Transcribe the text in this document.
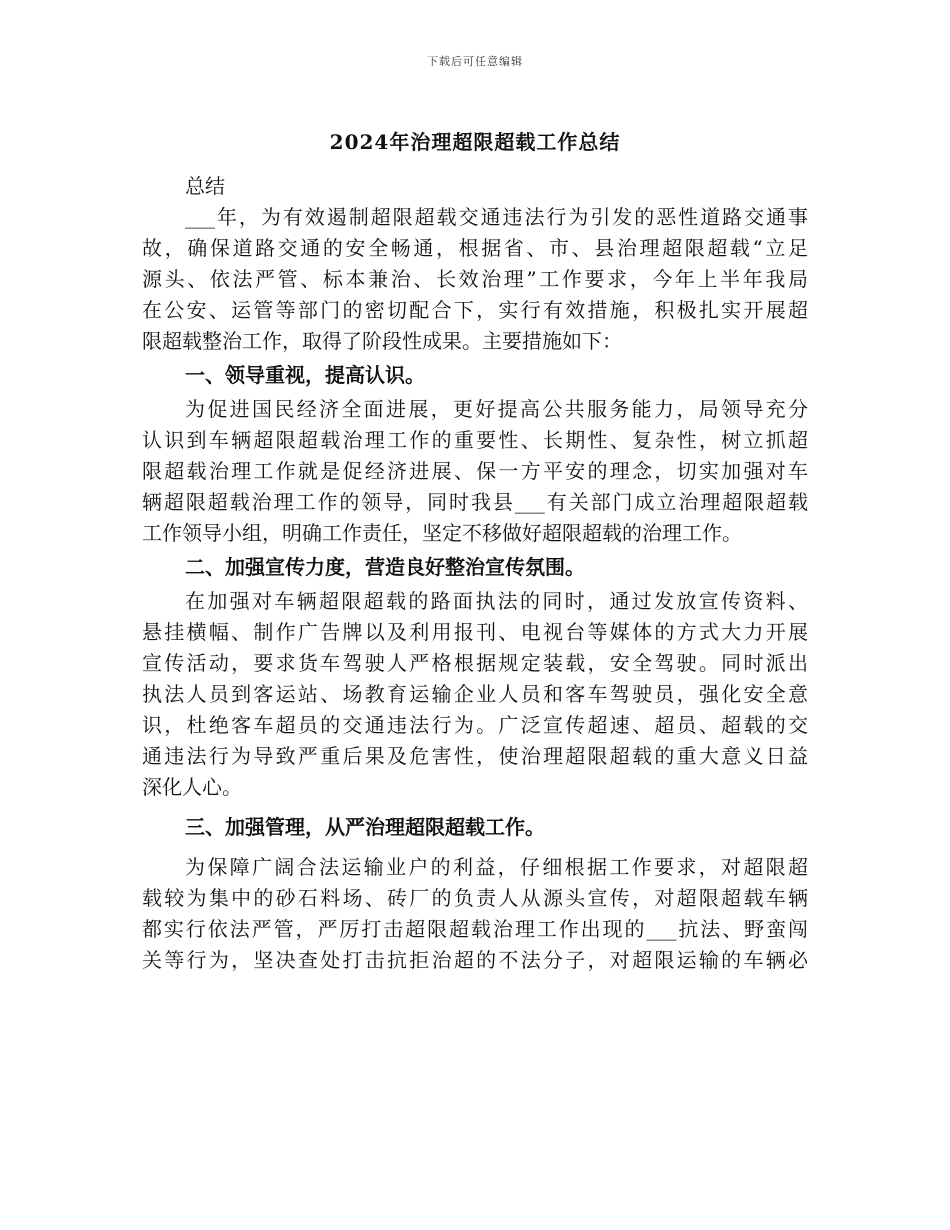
下载后可任意编辑
2024年治理超限超载工作总结
总结
___年，为有效遏制超限超载交通违法行为引发的恶性道路交通事
故，确保道路交通的安全畅通，根据省、市、县治理超限超载“立足
源头、依法严管、标本兼治、长效治理”工作要求，今年上半年我局
在公安、运管等部门的密切配合下，实行有效措施，积极扎实开展超
限超载整治工作，取得了阶段性成果。主要措施如下：
一、领导重视，提高认识。
为促进国民经济全面进展，更好提高公共服务能力，局领导充分
认识到车辆超限超载治理工作的重要性、长期性、复杂性，树立抓超
限超载治理工作就是促经济进展、保一方平安的理念，切实加强对车
辆超限超载治理工作的领导，同时我县___有关部门成立治理超限超载
工作领导小组，明确工作责任，坚定不移做好超限超载的治理工作。
二、加强宣传力度，营造良好整治宣传氛围。
在加强对车辆超限超载的路面执法的同时，通过发放宣传资料、
悬挂横幅、制作广告牌以及利用报刊、电视台等媒体的方式大力开展
宣传活动，要求货车驾驶人严格根据规定装载，安全驾驶。同时派出
执法人员到客运站、场教育运输企业人员和客车驾驶员，强化安全意
识，杜绝客车超员的交通违法行为。广泛宣传超速、超员、超载的交
通违法行为导致严重后果及危害性，使治理超限超载的重大意义日益
深化人心。
三、加强管理，从严治理超限超载工作。
为保障广阔合法运输业户的利益，仔细根据工作要求，对超限超
载较为集中的砂石料场、砖厂的负责人从源头宣传，对超限超载车辆
都实行依法严管，严厉打击超限超载治理工作出现的___抗法、野蛮闯
关等行为，坚决查处打击抗拒治超的不法分子，对超限运输的车辆必
